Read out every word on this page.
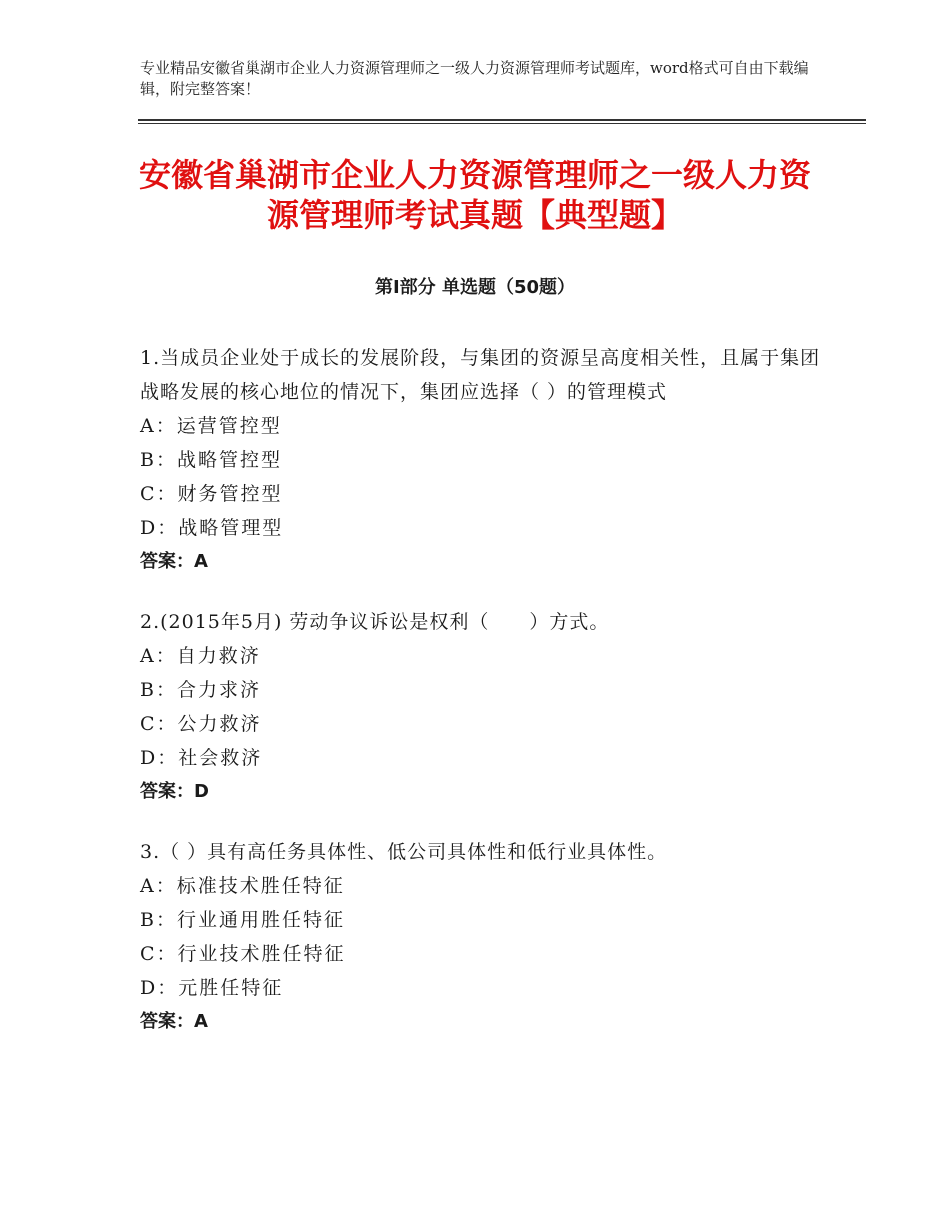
专业精品安徽省巢湖市企业人力资源管理师之一级人力资源管理师考试题库，word格式可自由下载编辑，附完整答案！
安徽省巢湖市企业人力资源管理师之一级人力资源管理师考试真题【典型题】
第Ⅰ部分 单选题（50题）
1.当成员企业处于成长的发展阶段，与集团的资源呈高度相关性，且属于集团战略发展的核心地位的情况下，集团应选择（ ）的管理模式
A：运营管控型
B：战略管控型
C：财务管控型
D：战略管理型
答案：A
2.(2015年5月) 劳动争议诉讼是权利（　　）方式。
A：自力救济
B：合力求济
C：公力救济
D：社会救济
答案：D
3.（ ）具有高任务具体性、低公司具体性和低行业具体性。
A：标准技术胜任特征
B：行业通用胜任特征
C：行业技术胜任特征
D：元胜任特征
答案：A
